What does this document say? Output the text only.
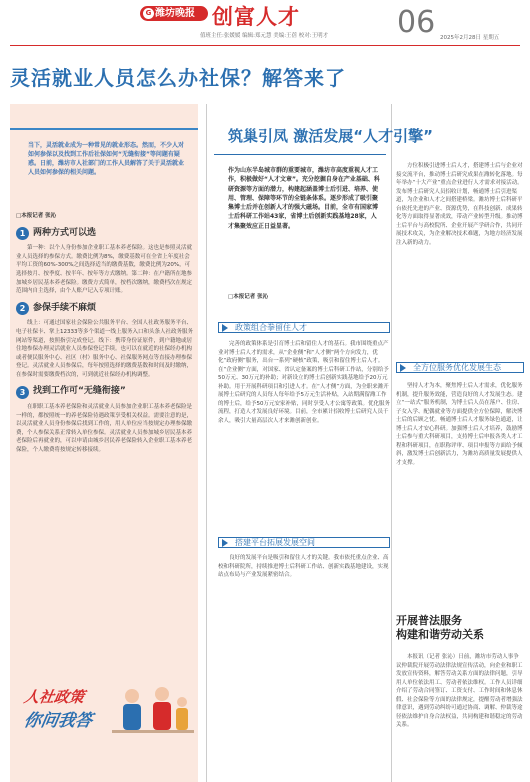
潍坊晚报
G	创富人才
值班主任:张媛媛 编辑:郑元慧 美编:王蓓 校对:王明才 06 2025年2月28日 星期五
灵活就业人员怎么办社保？解答来了
当下，灵活就业成为一种常见的就业形态。然而，不少人对如何参保以及找到工作后社保如何“无缝衔接”等问题有疑惑。日前，潍坊市人社部门的工作人员解答了关于灵活就业人员如何参保的相关问题。
□本报记者 张沁
1 两种方式可以选
第一种：以个人身份参加企业职工基本养老保险。这也是参照灵活就业人员选择的参保方式。缴费比例为8%，缴费基数可在全省上年度社会平均工资的60%-300%之间选择适当的缴费基数，缴费比例为20%，可选择按月、按季度、按半年、按年等方式缴纳。第二种：在户籍所在地参加城乡居民基本养老保险。缴费方式简单，按档次缴纳，缴费档次在规定范围内自主选择，由个人账户记入专项计账。
2 参保手续不麻烦
线上：可通过国家社会保险公共服务平台、全国人社政务服务平台、电子社保卡、掌上12333等多个渠道一线上服务入口和头条人社政务服务网站等渠道，按照指引完成登记。线下：携带身份证原件，到户籍地或居住地参保办理灵活就业人员参保登记手续。也可以在就近的社保经办机构或者便民服务中心、社区（村）服务中心、社保服务网点等直接办理参保登记。灵活就业人员参保后，每年按照选择的缴费基数和时间及时缴纳，在参保时需要缴费档次的，可到就近社保经办机构调整。
3 找到工作可“无缝衔接”
在职职工基本养老保险和灵活就业人员参加企业职工基本养老保险是一样的，都按照统一的养老保险待遇政策享受相关权益。需要注意的是，以灵活就业人员身份参保后找到工作的，用人单位应当按规定办理参保缴费，个人参保关系正常转入单位参保。灵活就业人员参加城乡居民基本养老保险后再就业的，可以申请由城乡居民养老保险转入企业职工基本养老保险，个人缴费将按规定转移接续。
人社政策
你问我答
筑巢引凤 激活发展“人才引擎”
作为山东半岛城市群的重要城市，潍坊市高度重视人才工作，积极做好“人才文章”。充分挖掘自身在产业基础、科研资源等方面的潜力，构建起涵盖博士后引进、培养、使用、管理、保障等环节的全链条体系。逐步形成了吸引聚集博士后并在创新人才的强大磁场。目前，全市有国家博士后科研工作站43家，省博士后创新实践基地28家，人才集聚效应正日益显著。
□本报记者 张沁
政策组合拳留住人才
完善的政策体系是引育博士后和留住人才的基石。我市围绕重点产业对博士后人才的需求，从“企业侧”和“人才侧”两个方向发力，优化“政府侧”服务，出台一系列“硬核”政策，吸引和留住博士后人才。在“企业侧”方面，对国家、省认定备案的博士后科研工作站，分别给予50万元、30万元的补助；对新设立的博士后创新实践基地给予20万元补助。用于开展科研项目和引进人才。在“人才侧”方面，为全职来潍开展博士后研究的人员每人每年给予5万元生活补贴，入站期满留潍工作的博士后，给予50万元安家补贴，同时享受人才公寓等政策。优化服务流程，打造人才发展良好环境。目前，全市累计招收博士后研究人员千余人，吸引大量高层次人才来潍创新创业。
搭建平台拓展发展空间
良好的发展平台是吸引和留住人才的关键。我市依托重点企业、高校和科研院所，持续推进博士后科研工作站、创新实践基地建设，实现站点布局与产业发展紧密结合。
方位积极引进博士后人才，搭建博士后与企业对接交流平台，推动博士后研究成果在潍转化落地。每年举办“十大产业”重点企业进行人才需求对接活动。发布博士后研究人员招收计划，畅通博士后引进渠道，为企业和人才之间搭建桥梁。潍坊博士后科研平台依托先进的产业、资源优势，在科技创新、成果转化等方面取得显著成效，带动产业转型升级。推动博士后平台与高校院所、企业开展产学研合作，共同开展技术攻关，为企业解决技术难题，为地方经济发展注入新的动力。
全方位服务优化发展生态
坚持人才为本，聚焦博士后人才需求，优化服务机制，提升服务效能，营造良好的人才发展生态。建立“一站式”服务机制，为博士后人员在落户、住房、子女入学、配偶就业等方面提供全方位保障，解决博士后的后顾之忧。畅通博士后人才服务绿色通道，让博士后人才安心科研。加强博士后人才培养，鼓励博士后参与重大科研项目，支持博士后申报各类人才工程和科研项目，在职称评审、项目申报等方面给予倾斜，激发博士后创新活力，为潍坊高质量发展提供人才支撑。
开展普法服务
构建和谐劳动关系
本报讯（记者 张沁）日前，潍坊市劳动人事争议仲裁院开展劳动法律法规宣传活动，向企业和职工发放宣传资料，解答劳动关系方面的法律问题，引导用人单位依法用工、劳动者依法维权。工作人员详细介绍了劳动合同签订、工资支付、工作时间和休息休假、社会保险等方面的法律规定，提醒劳动者增强法律意识，遇到劳动纠纷可通过协商、调解、仲裁等途径依法维护自身合法权益，共同构建和谐稳定的劳动关系。
